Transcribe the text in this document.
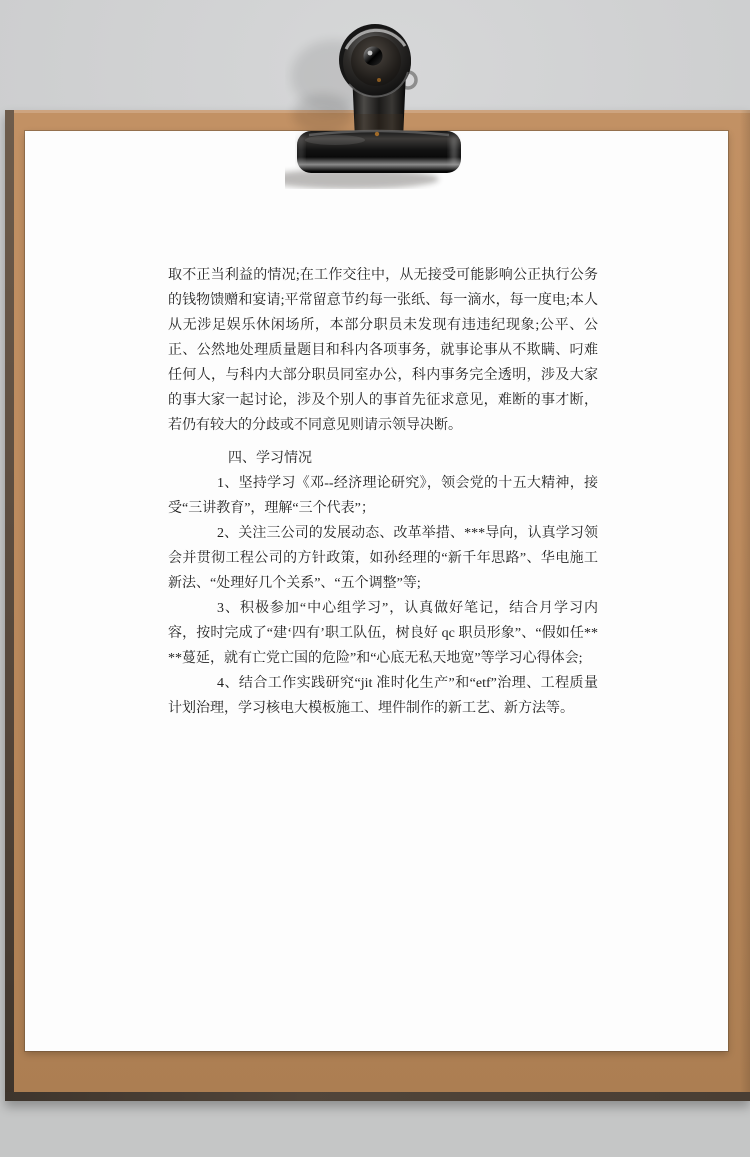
取不正当利益的情况;在工作交往中，从无接受可能影响公正执行公务的钱物馈赠和宴请;平常留意节约每一张纸、每一滴水，每一度电;本人从无涉足娱乐休闲场所，本部分职员未发现有违违纪现象;公平、公正、公然地处理质量题目和科内各项事务，就事论事从不欺瞒、叼难任何人，与科内大部分职员同室办公，科内事务完全透明，涉及大家的事大家一起讨论，涉及个别人的事首先征求意见，难断的事才断，若仍有较大的分歧或不同意见则请示领导决断。

四、学习情况

1、坚持学习《邓--经济理论研究》，领会党的十五大精神，接受“三讲教育”，理解“三个代表”；

2、关注三公司的发展动态、改革举措、***导向，认真学习领会并贯彻工程公司的方针政策，如孙经理的“新千年思路”、华电施工新法、“处理好几个关系”、“五个调整”等;

3、积极参加“中心组学习”，认真做好笔记，结合月学习内容，按时完成了“建‘四有’职工队伍，树良好 qc 职员形象”、“假如任****蔓延，就有亡党亡国的危险”和“心底无私天地宽”等学习心得体会;

4、结合工作实践研究“jit 准时化生产”和“etf”治理、工程质量计划治理，学习核电大模板施工、埋件制作的新工艺、新方法等。
